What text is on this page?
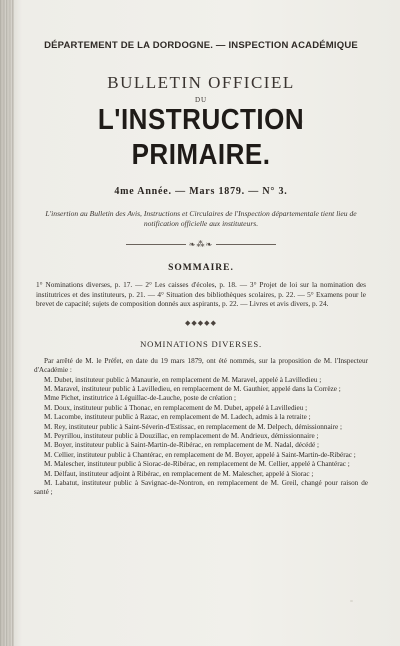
DÉPARTEMENT DE LA DORDOGNE. — INSPECTION ACADÉMIQUE
BULLETIN OFFICIEL
DU
L'INSTRUCTION PRIMAIRE.
4me Année. — Mars 1879. — N° 3.
L'insertion au Bulletin des Avis, Instructions et Circulaires de l'Inspection départementale tient lieu de notification officielle aux instituteurs.
❧⁂❧
SOMMAIRE.
1° Nominations diverses, p. 17. — 2° Les caisses d'écoles, p. 18. — 3° Projet de loi sur la nomination des institutrices et des instituteurs, p. 21. — 4° Situation des bibliothèques scolaires, p. 22. — 5° Examens pour le brevet de capacité; sujets de composition donnés aux aspirants, p. 22. — Livres et avis divers, p. 24.
◆◆◆◆◆
NOMINATIONS DIVERSES.

Par arrêté de M. le Préfet, en date du 19 mars 1879, ont été nommés, sur la proposition de M. l'Inspecteur d'Académie :

M. Dubet, instituteur public à Manaurie, en remplacement de M. Maravel, appelé à Lavilledieu ;

M. Maravel, instituteur public à Lavilledieu, en remplacement de M. Gauthier, appelé dans la Corrèze ;

Mme Pichet, institutrice à Léguillac-de-Lauche, poste de création ;

M. Doux, instituteur public à Thonac, en remplacement de M. Dubet, appelé à Lavilledieu ;

M. Lacombe, instituteur public à Razac, en remplacement de M. Ladech, admis à la retraite ;

M. Rey, instituteur public à Saint-Séverin-d'Estissac, en remplacement de M. Delpech, démissionnaire ;

M. Peyrillou, instituteur public à Douzillac, en remplacement de M. Andrieux, démissionnaire ;

M. Boyer, instituteur public à Saint-Martin-de-Ribérac, en remplacement de M. Nadal, décédé ;

M. Cellier, instituteur public à Chantérac, en remplacement de M. Boyer, appelé à Saint-Martin-de-Ribérac ;

M. Malescher, instituteur public à Siorac-de-Ribérac, en remplacement de M. Cellier, appelé à Chantérac ;

M. Delfaut, instituteur adjoint à Ribérac, en remplacement de M. Malescher, appelé à Siorac ;

M. Labatut, instituteur public à Savignac-de-Nontron, en remplacement de M. Greil, changé pour raison de santé ;
